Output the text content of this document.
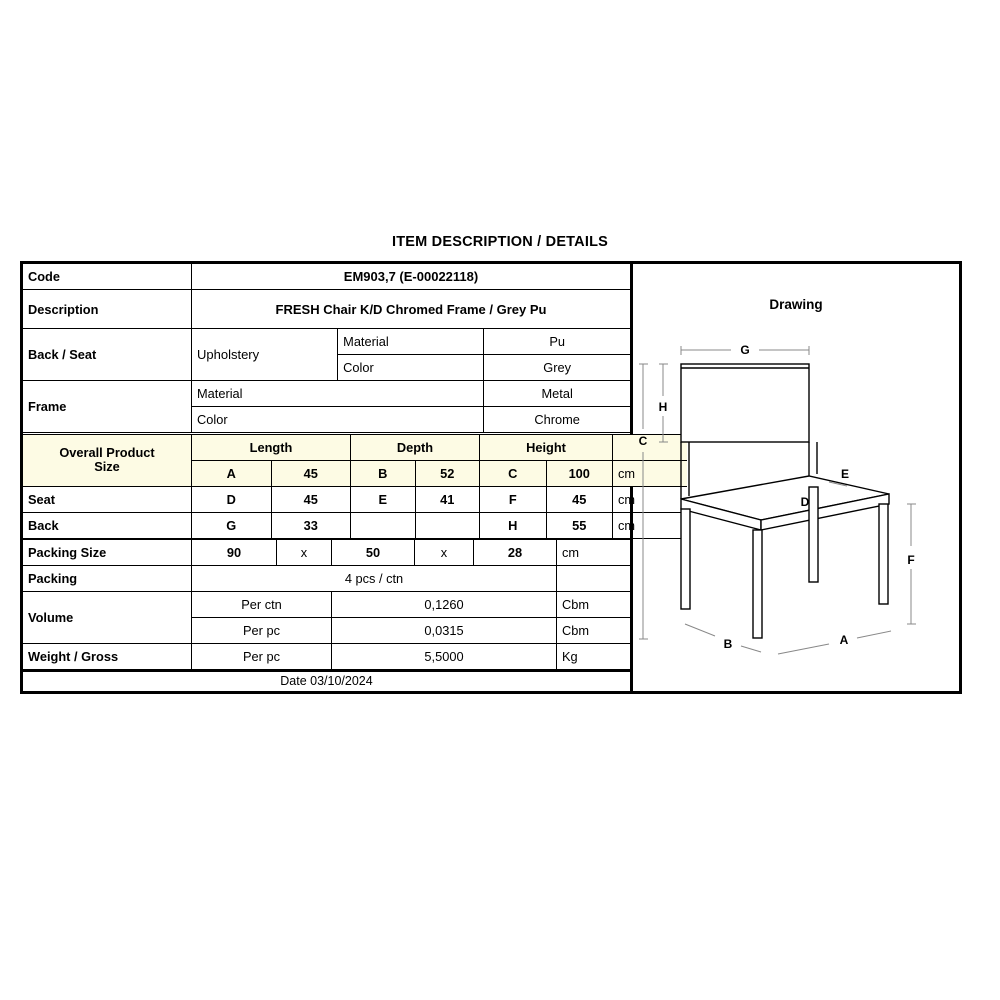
ITEM DESCRIPTION / DETAILS
Code	EM903,7 (E-00022118)		
Description	FRESH Chair K/D Chromed Frame / Grey Pu		
Back / Seat	Upholstery	Material	Pu
		Color	Grey
Frame	Material		Metal
	Color		Chrome
Overall Product
Size	Length		Depth		Height		
	A	45	B	52	C	100	cm
Seat	D	45	E	41	F	45	cm
Back	G	33			H	55	cm
Packing Size	90	x	50	x	28	cm
Packing	4 pcs / ctn					
Volume	Per ctn		0,1260			Cbm
	Per pc		0,0315			Cbm
Weight / Gross	Per pc		5,5000			Kg
Date 03/10/2024
Drawing
G
H
C
E
D
F
A
B
